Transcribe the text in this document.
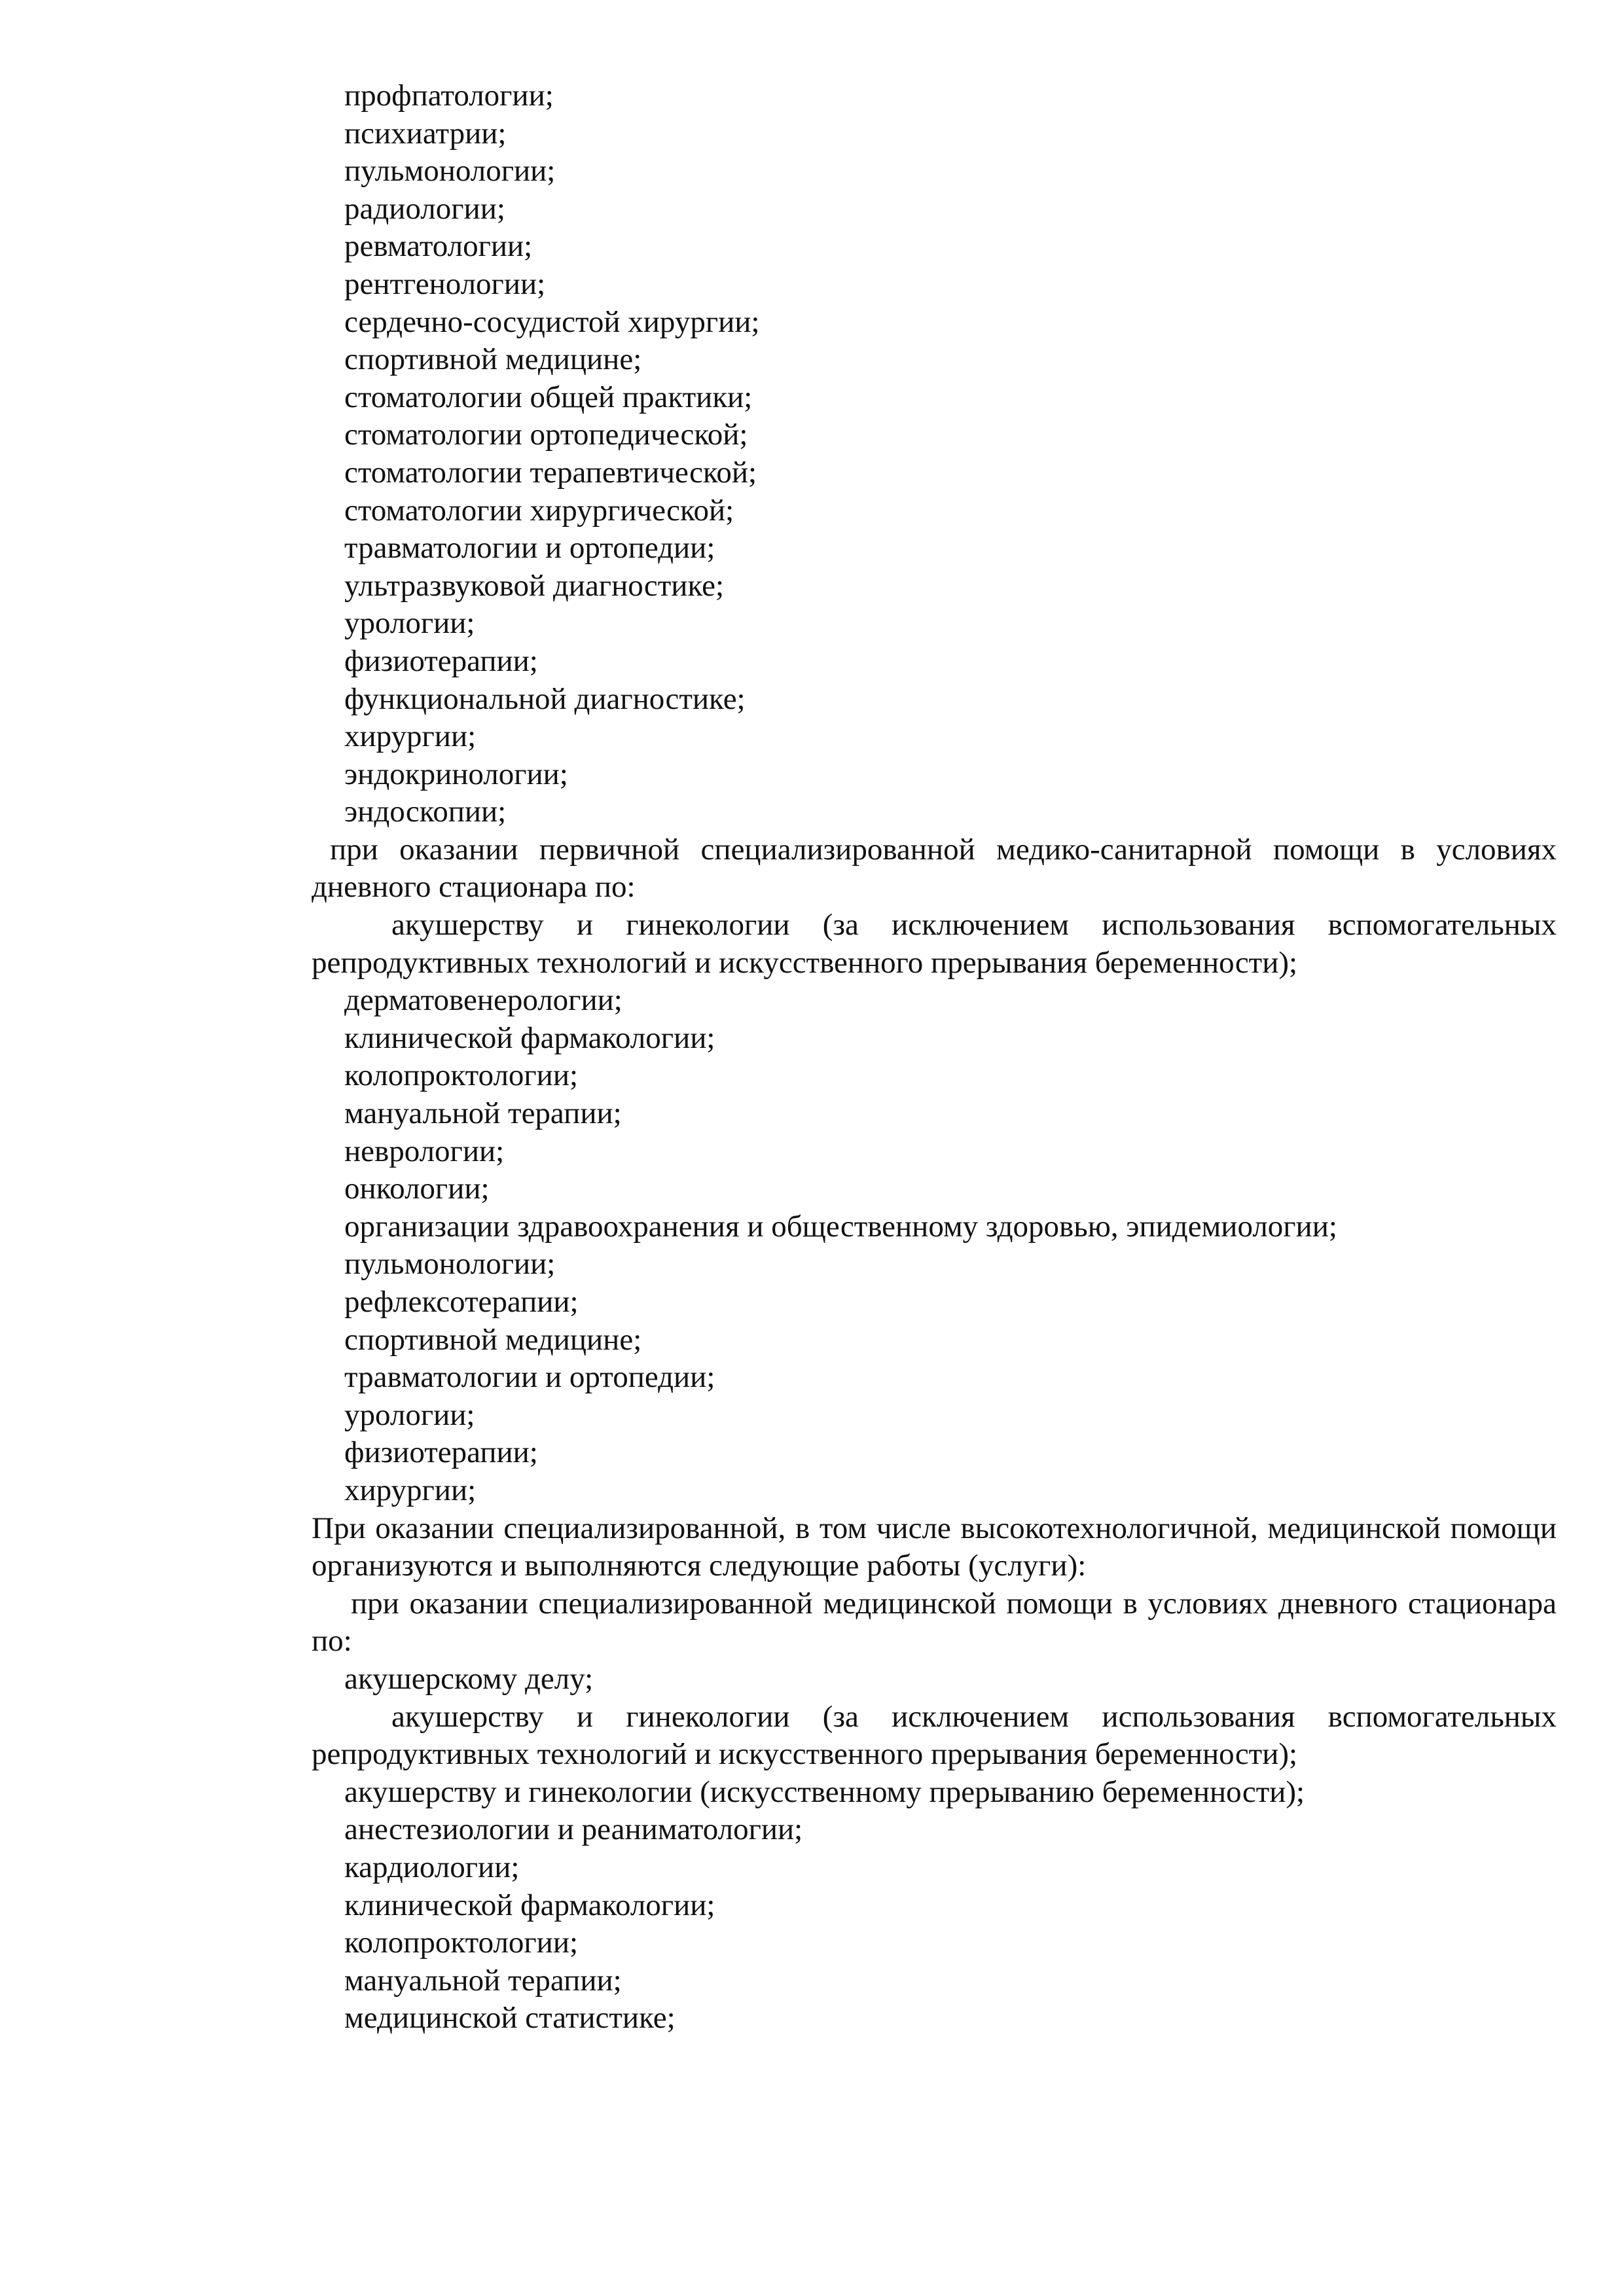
профпатологии;

психиатрии;

пульмонологии;

радиологии;

ревматологии;

рентгенологии;

сердечно-сосудистой хирургии;

спортивной медицине;

стоматологии общей практики;

стоматологии ортопедической;

стоматологии терапевтической;

стоматологии хирургической;

травматологии и ортопедии;

ультразвуковой диагностике;

урологии;

физиотерапии;

функциональной диагностике;

хирургии;

эндокринологии;

эндоскопии;

при оказании первичной специализированной медико-санитарной помощи в условиях дневного стационара по:

акушерству и гинекологии (за исключением использования вспомогательных репродуктивных технологий и искусственного прерывания беременности);

дерматовенерологии;

клинической фармакологии;

колопроктологии;

мануальной терапии;

неврологии;

онкологии;

организации здравоохранения и общественному здоровью, эпидемиологии;

пульмонологии;

рефлексотерапии;

спортивной медицине;

травматологии и ортопедии;

урологии;

физиотерапии;

хирургии;

При оказании специализированной, в том числе высокотехнологичной, медицинской помощи организуются и выполняются следующие работы (услуги):

при оказании специализированной медицинской помощи в условиях дневного стационара по:

акушерскому делу;

акушерству и гинекологии (за исключением использования вспомогательных репродуктивных технологий и искусственного прерывания беременности);

акушерству и гинекологии (искусственному прерыванию беременности);

анестезиологии и реаниматологии;

кардиологии;

клинической фармакологии;

колопроктологии;

мануальной терапии;

медицинской статистике;
